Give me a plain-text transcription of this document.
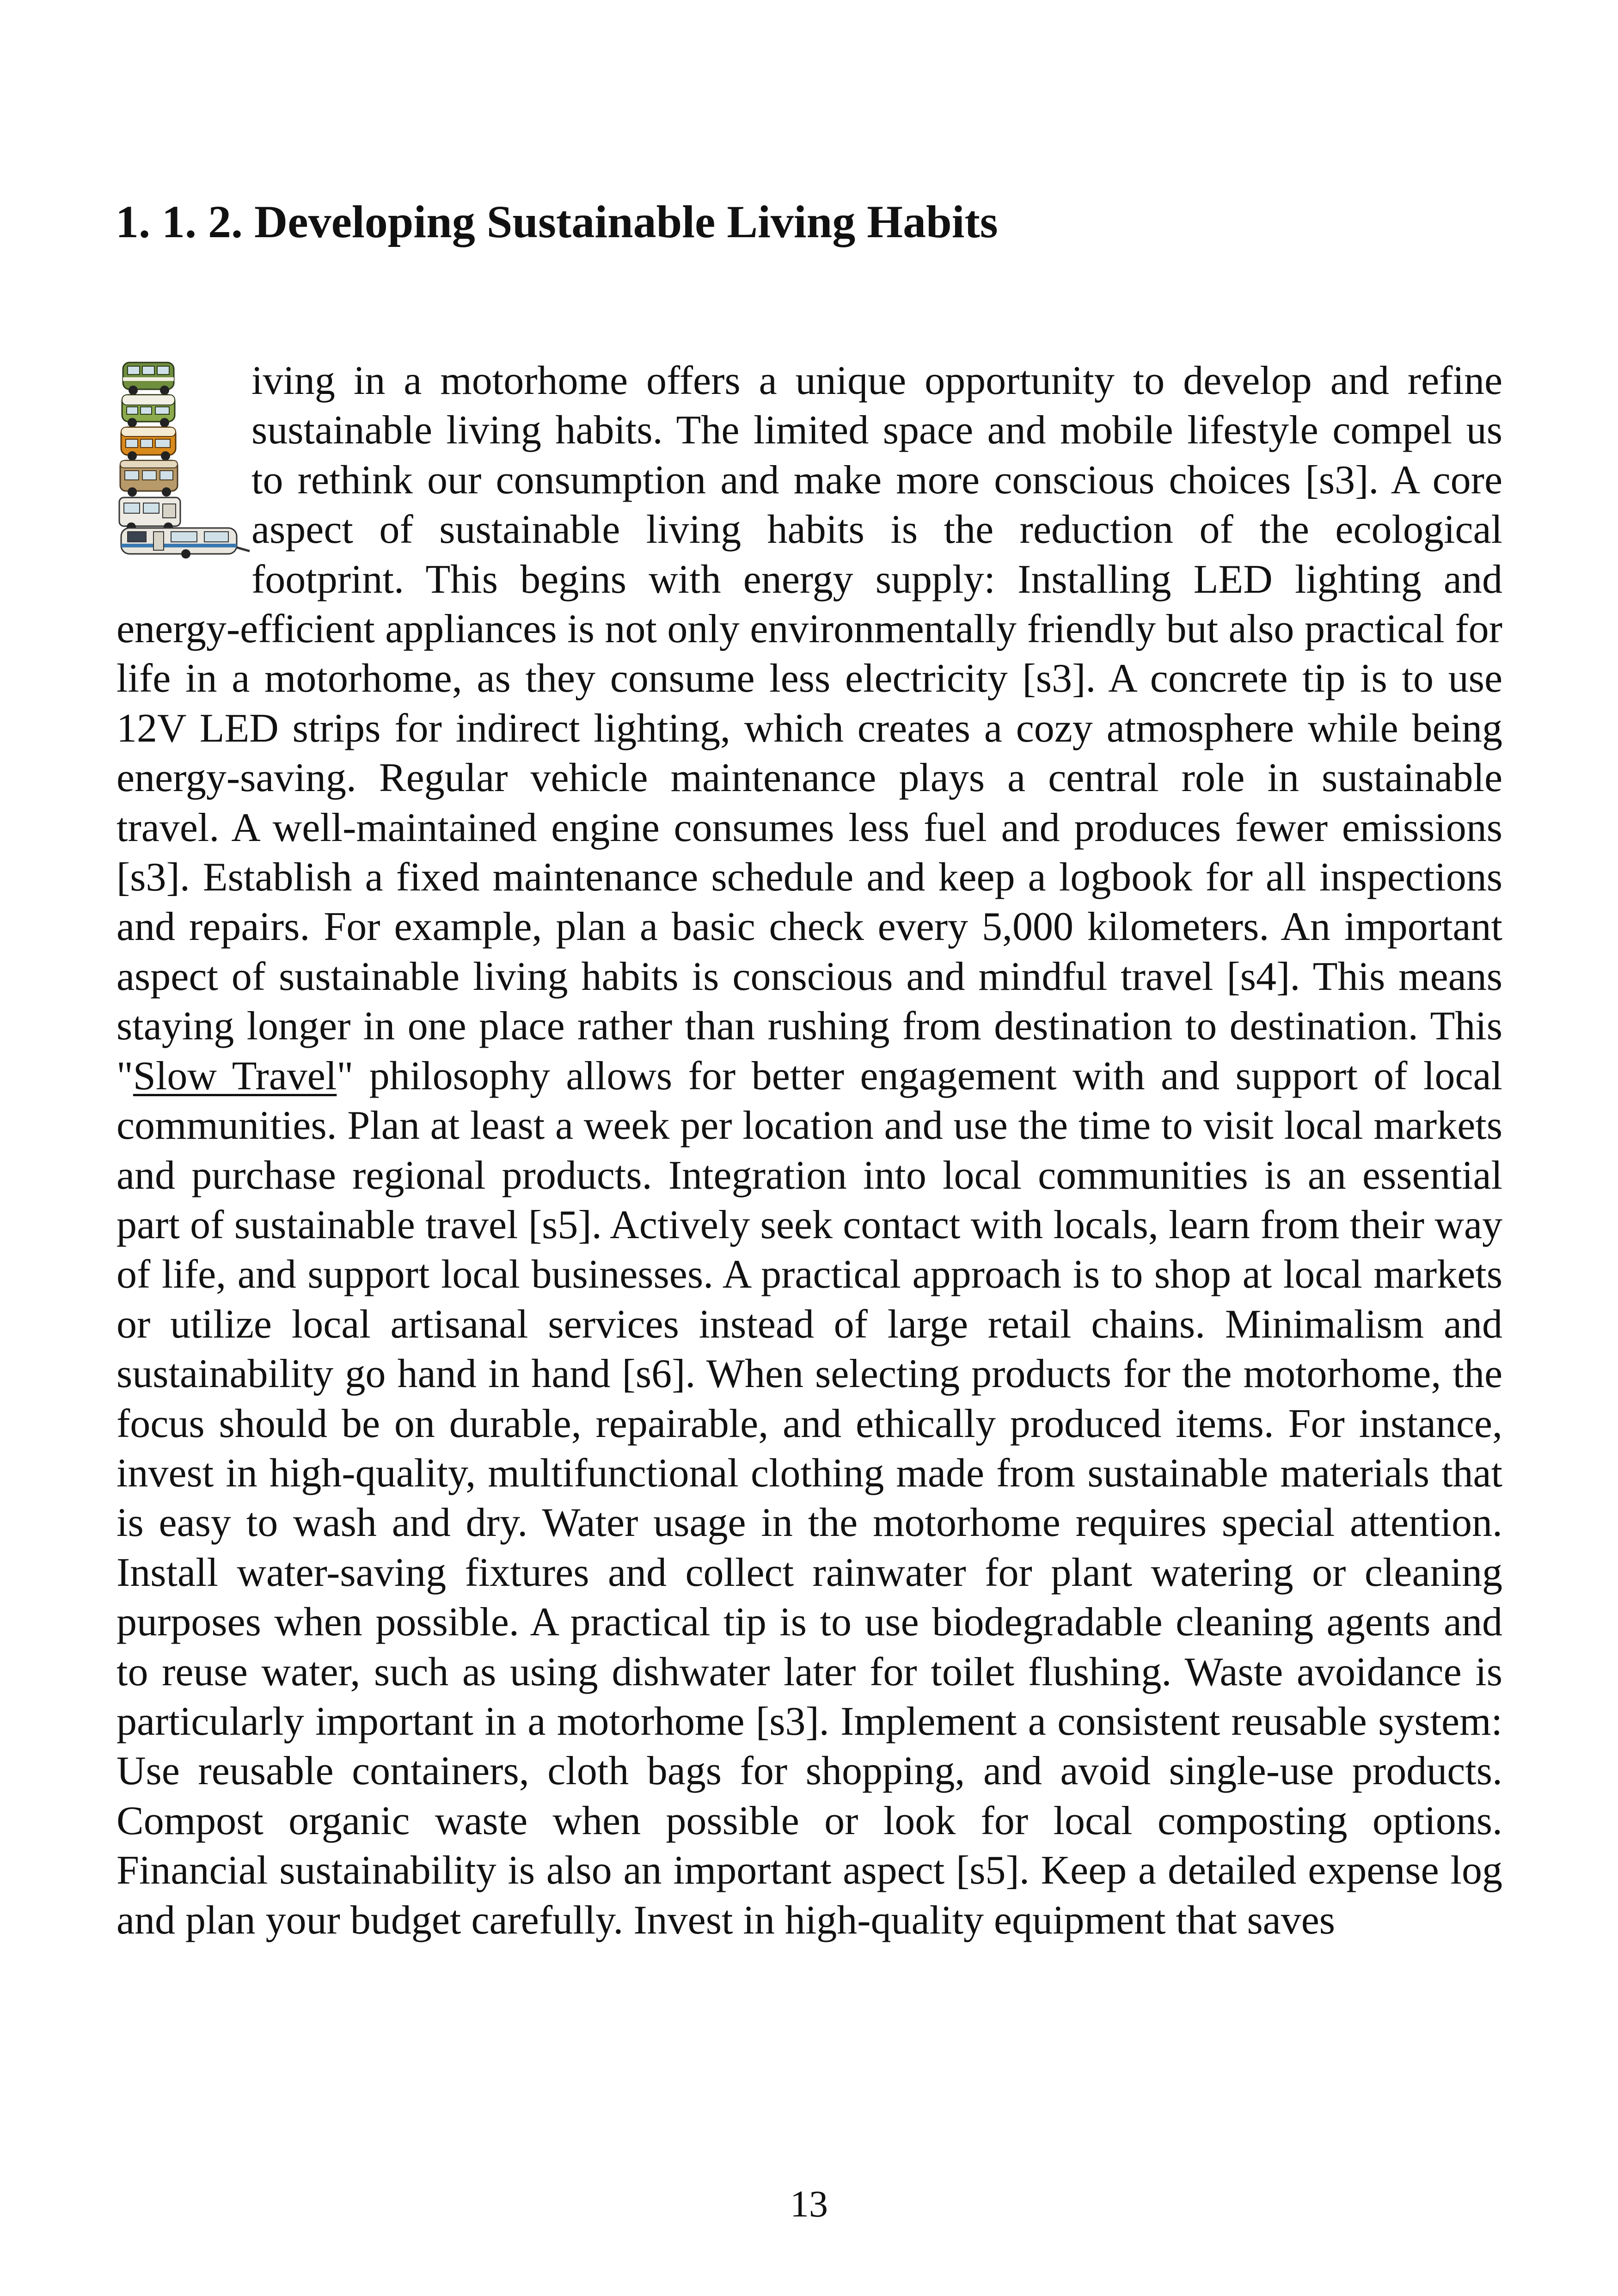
1. 1. 2. Developing Sustainable Living Habits

iving in a motorhome offers a unique opportunity to develop and refine sustainable living habits. The limited space and mobile lifestyle compel us to rethink our consumption and make more conscious choices [s3]. A core aspect of sustainable living habits is the reduction of the ecological footprint. This begins with energy supply: Installing LED lighting and energy-efficient appliances is not only environmentally friendly but also practical for life in a motorhome, as they consume less electricity [s3]. A concrete tip is to use 12V LED strips for indirect lighting, which creates a cozy atmosphere while being energy-saving. Regular vehicle maintenance plays a central role in sustainable travel. A well-maintained engine consumes less fuel and produces fewer emissions [s3]. Establish a fixed maintenance schedule and keep a logbook for all inspections and repairs. For example, plan a basic check every 5,000 kilometers. An important aspect of sustainable living habits is conscious and mindful travel [s4]. This means staying longer in one place rather than rushing from destination to destination. This "Slow Travel" philosophy allows for better engagement with and support of local communities. Plan at least a week per location and use the time to visit local markets and purchase regional products. Integration into local communities is an essential part of sustainable travel [s5]. Actively seek contact with locals, learn from their way of life, and support local businesses. A practical approach is to shop at local markets or utilize local artisanal services instead of large retail chains. Minimalism and sustainability go hand in hand [s6]. When selecting products for the motorhome, the focus should be on durable, repairable, and ethically produced items. For instance, invest in high-quality, multifunctional clothing made from sustainable materials that is easy to wash and dry. Water usage in the motorhome requires special attention. Install water-saving fixtures and collect rainwater for plant watering or cleaning purposes when possible. A practical tip is to use biodegradable cleaning agents and to reuse water, such as using dishwater later for toilet flushing. Waste avoidance is particularly important in a motorhome [s3]. Implement a consistent reusable system: Use reusable containers, cloth bags for shopping, and avoid single-use products. Compost organic waste when possible or look for local composting options. Financial sustainability is also an important aspect [s5]. Keep a detailed expense log and plan your budget carefully. Invest in high-quality equipment that saves

13
